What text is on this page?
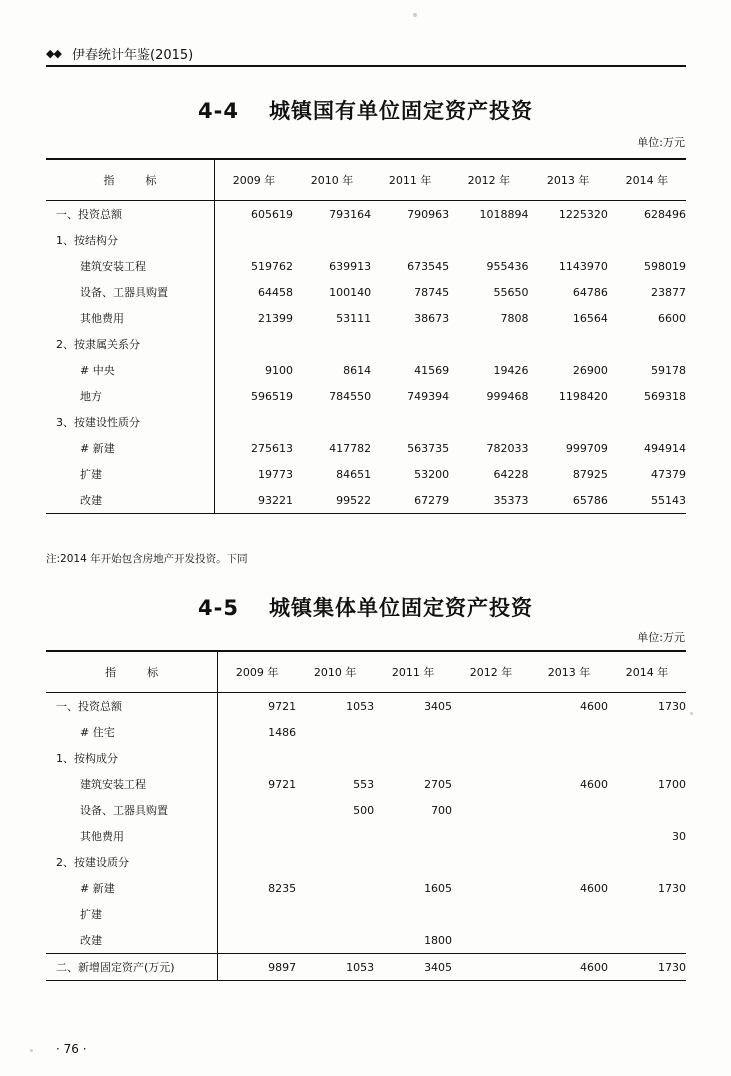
◆◆ 伊春统计年鉴(2015)
4-4 城镇国有单位固定资产投资
单位:万元

指　标	2009 年	2010 年	2011 年	2012 年	2013 年	2014 年

一、投资总额	605619	793164	790963	1018894	1225320	628496
1、按结构分						
建筑安装工程	519762	639913	673545	955436	1143970	598019
设备、工器具购置	64458	100140	78745	55650	64786	23877
其他费用	21399	53111	38673	7808	16564	6600
2、按隶属关系分						
# 中央	9100	8614	41569	19426	26900	59178
地方	596519	784550	749394	999468	1198420	569318
3、按建设性质分						
# 新建	275613	417782	563735	782033	999709	494914
扩建	19773	84651	53200	64228	87925	47379
改建	93221	99522	67279	35373	65786	55143

注:2014 年开始包含房地产开发投资。下同
4-5 城镇集体单位固定资产投资
单位:万元

指　标	2009 年	2010 年	2011 年	2012 年	2013 年	2014 年

一、投资总额	9721	1053	3405		4600	1730
# 住宅	1486					
1、按构成分						
建筑安装工程	9721	553	2705		4600	1700
设备、工器具购置		500	700			
其他费用						30
2、按建设质分						
# 新建	8235		1605		4600	1730
扩建						
改建			1800			

二、新增固定资产(万元)	9897	1053	3405		4600	1730

· 76 ·
